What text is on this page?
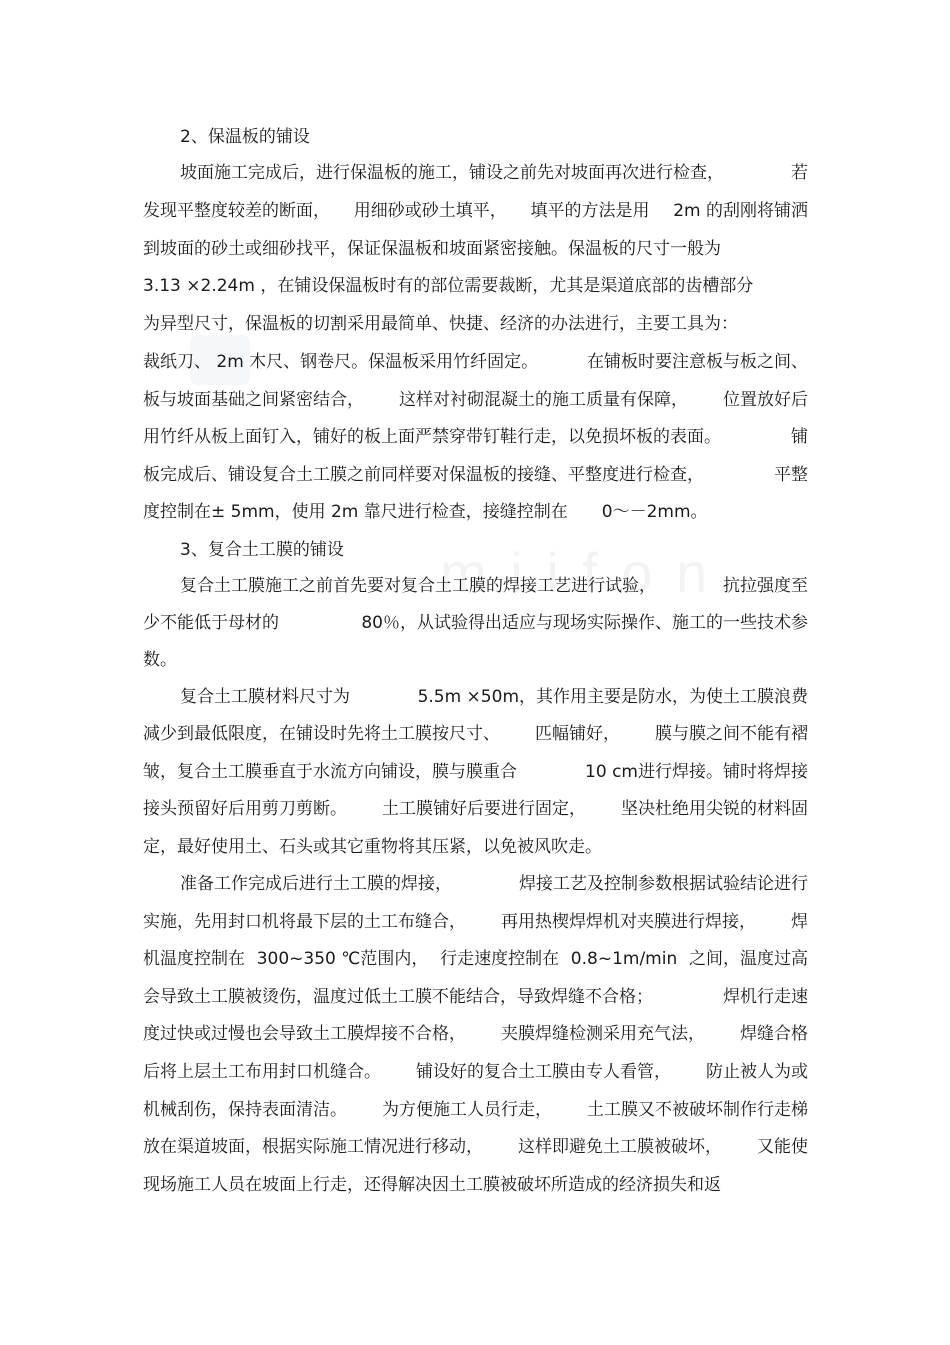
2、保温板的铺设
坡面施工完成后，进行保温板的施工，铺设之前先对坡面再次进行检查，	若
发现平整度较差的断面， 用细砂或砂土填平， 填平的方法是用 2m 的刮刚将铺洒
到坡面的砂土或细砂找平，保证保温板和坡面紧密接触。保温板的尺寸一般为
3.13 ×2.24m ，在铺设保温板时有的部位需要裁断，尤其是渠道底部的齿槽部分
为异型尺寸，保温板的切割采用最简单、快捷、经济的办法进行，主要工具为：
裁纸刀、 2m 木尺、钢卷尺。保温板采用竹纤固定。	在铺板时要注意板与板之间、
板与坡面基础之间紧密结合， 这样对衬砌混凝土的施工质量有保障， 位置放好后
用竹纤从板上面钉入，铺好的板上面严禁穿带钉鞋行走，以免损坏板的表面。	铺
板完成后、铺设复合土工膜之前同样要对保温板的接缝、平整度进行检查，	平整
度控制在± 5mm，使用 2m 靠尺进行检查，接缝控制在 0～－2mm。
3、复合土工膜的铺设
复合土工膜施工之前首先要对复合土工膜的焊接工艺进行试验，	抗拉强度至
少不能低于母材的	80％，从试验得出适应与现场实际操作、施工的一些技术参
数。
复合土工膜材料尺寸为	5.5m ×50m，其作用主要是防水，为使土工膜浪费
减少到最低限度，在铺设时先将土工膜按尺寸、 匹幅铺好， 膜与膜之间不能有褶
皱，复合土工膜垂直于水流方向铺设，膜与膜重合	10 cm进行焊接。铺时将焊接
接头预留好后用剪刀剪断。 土工膜铺好后要进行固定， 坚决杜绝用尖锐的材料固
定，最好使用土、石头或其它重物将其压紧，以免被风吹走。
准备工作完成后进行土工膜的焊接，	焊接工艺及控制参数根据试验结论进行
实施，先用封口机将最下层的土工布缝合， 再用热楔焊焊机对夹膜进行焊接， 焊
机温度控制在 300~350 ℃范围内， 行走速度控制在 0.8~1m/min 之间，温度过高
会导致土工膜被烫伤，温度过低土工膜不能结合，导致焊缝不合格；	焊机行走速
度过快或过慢也会导致土工膜焊接不合格， 夹膜焊缝检测采用充气法， 焊缝合格
后将上层土工布用封口机缝合。 铺设好的复合土工膜由专人看管， 防止被人为或
机械刮伤，保持表面清洁。 为方便施工人员行走， 土工膜又不被破坏制作行走梯
放在渠道坡面，根据实际施工情况进行移动， 这样即避免土工膜被破坏， 又能使
现场施工人员在坡面上行走，还得解决因土工膜被破坏所造成的经济损失和返
